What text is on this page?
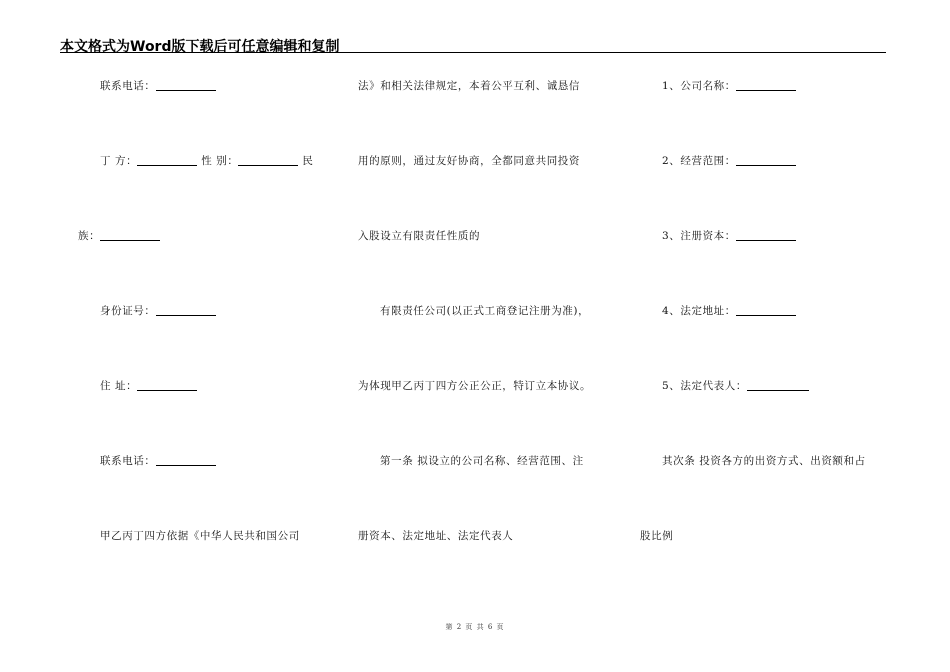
本文格式为Word版下载后可任意编辑和复制
联系电话：
丁 方：	性 别：	民
族：
身份证号：
住 址：
联系电话：
甲乙丙丁四方依据《中华人民共和国公司
法》和相关法律规定，本着公平互利、诚恳信
用的原则，通过友好协商，全都同意共同投资
入股设立有限责任性质的
有限责任公司(以正式工商登记注册为准)，
为体现甲乙丙丁四方公正公正，特订立本协议。
第一条 拟设立的公司名称、经营范围、注
册资本、法定地址、法定代表人
1、公司名称：
2、经营范围：
3、注册资本：
4、法定地址：
5、法定代表人：
其次条 投资各方的出资方式、出资额和占
股比例
第 2 页 共 6 页
